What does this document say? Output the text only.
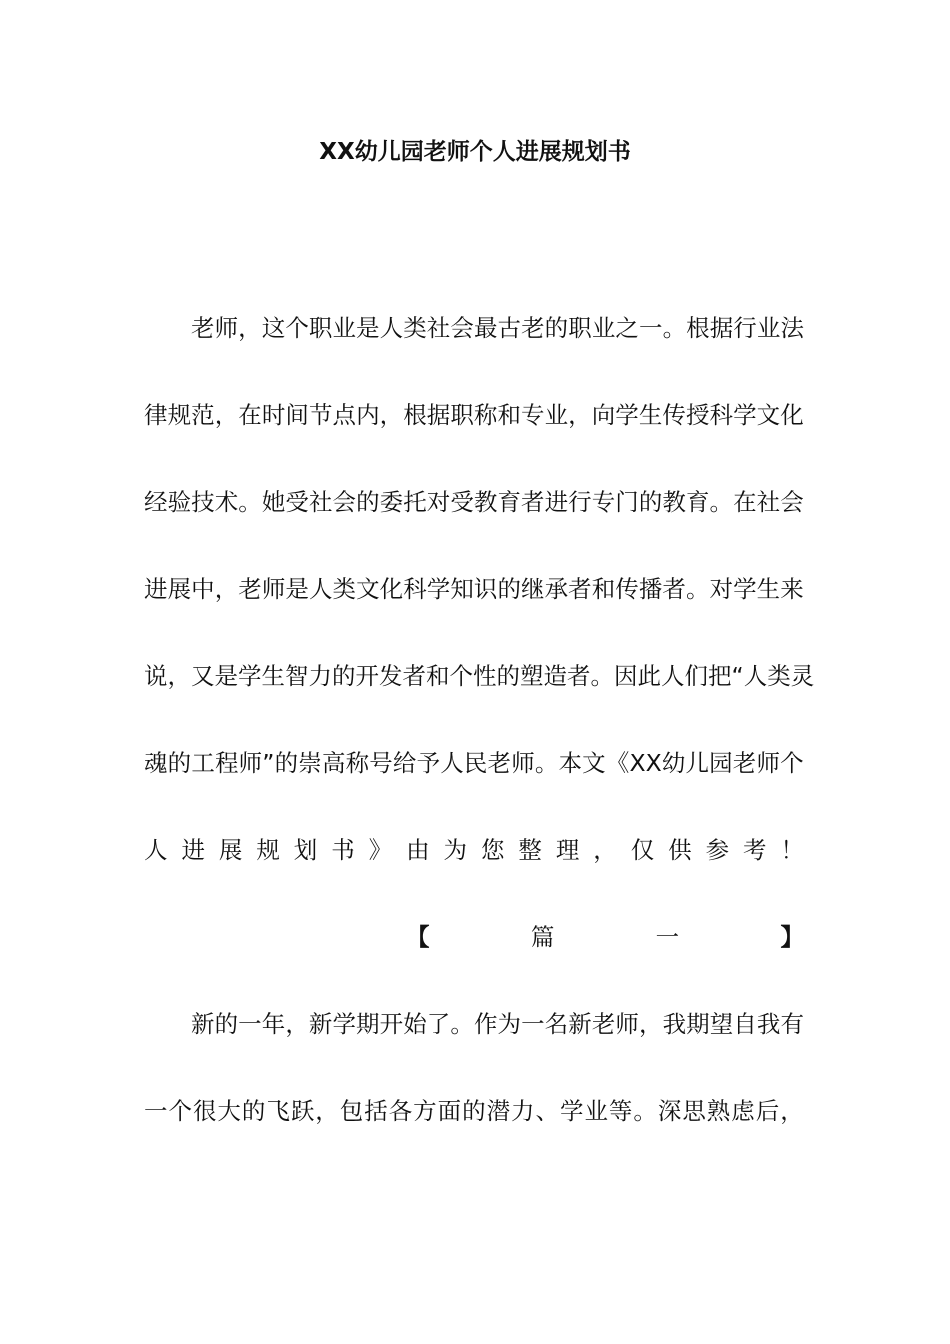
XX幼儿园老师个人进展规划书
老 师 ， 这 个 职 业 是 人 类 社 会 最 古 老 的 职 业 之 一 。 根 据 行 业 法
律 规 范 ， 在 时 间 节 点 内 ， 根 据 职 称 和 专 业 ， 向 学 生 传 授 科 学 文 化
经 验 技 术 。 她 受 社 会 的 委 托 对 受 教 育 者 进 行 专 门 的 教 育 。 在 社 会
进 展 中 ， 老 师 是 人 类 文 化 科 学 知 识 的 继 承 者 和 传 播 者 。 对 学 生 来
说 ， 又 是 学 生 智 力 的 开 发 者 和 个 性 的 塑 造 者 。 因 此 人 们 把 “ 人 类 灵
魂 的 工 程 师 ” 的 崇 高 称 号 给 予 人 民 老 师 。 本 文 《 XX 幼 儿 园 老 师 个
人 进 展 规 划 书 》 由 为 您 整 理 ， 仅 供 参 考 ！
【	篇	一	】
新 的 一 年 ， 新 学 期 开 始 了 。 作 为 一 名 新 老 师 ， 我 期 望 自 我 有
一 个 很 大 的 飞 跃 ， 包 括 各 方 面 的 潜 力 、 学 业 等 。 深 思 熟 虑 后 ，
